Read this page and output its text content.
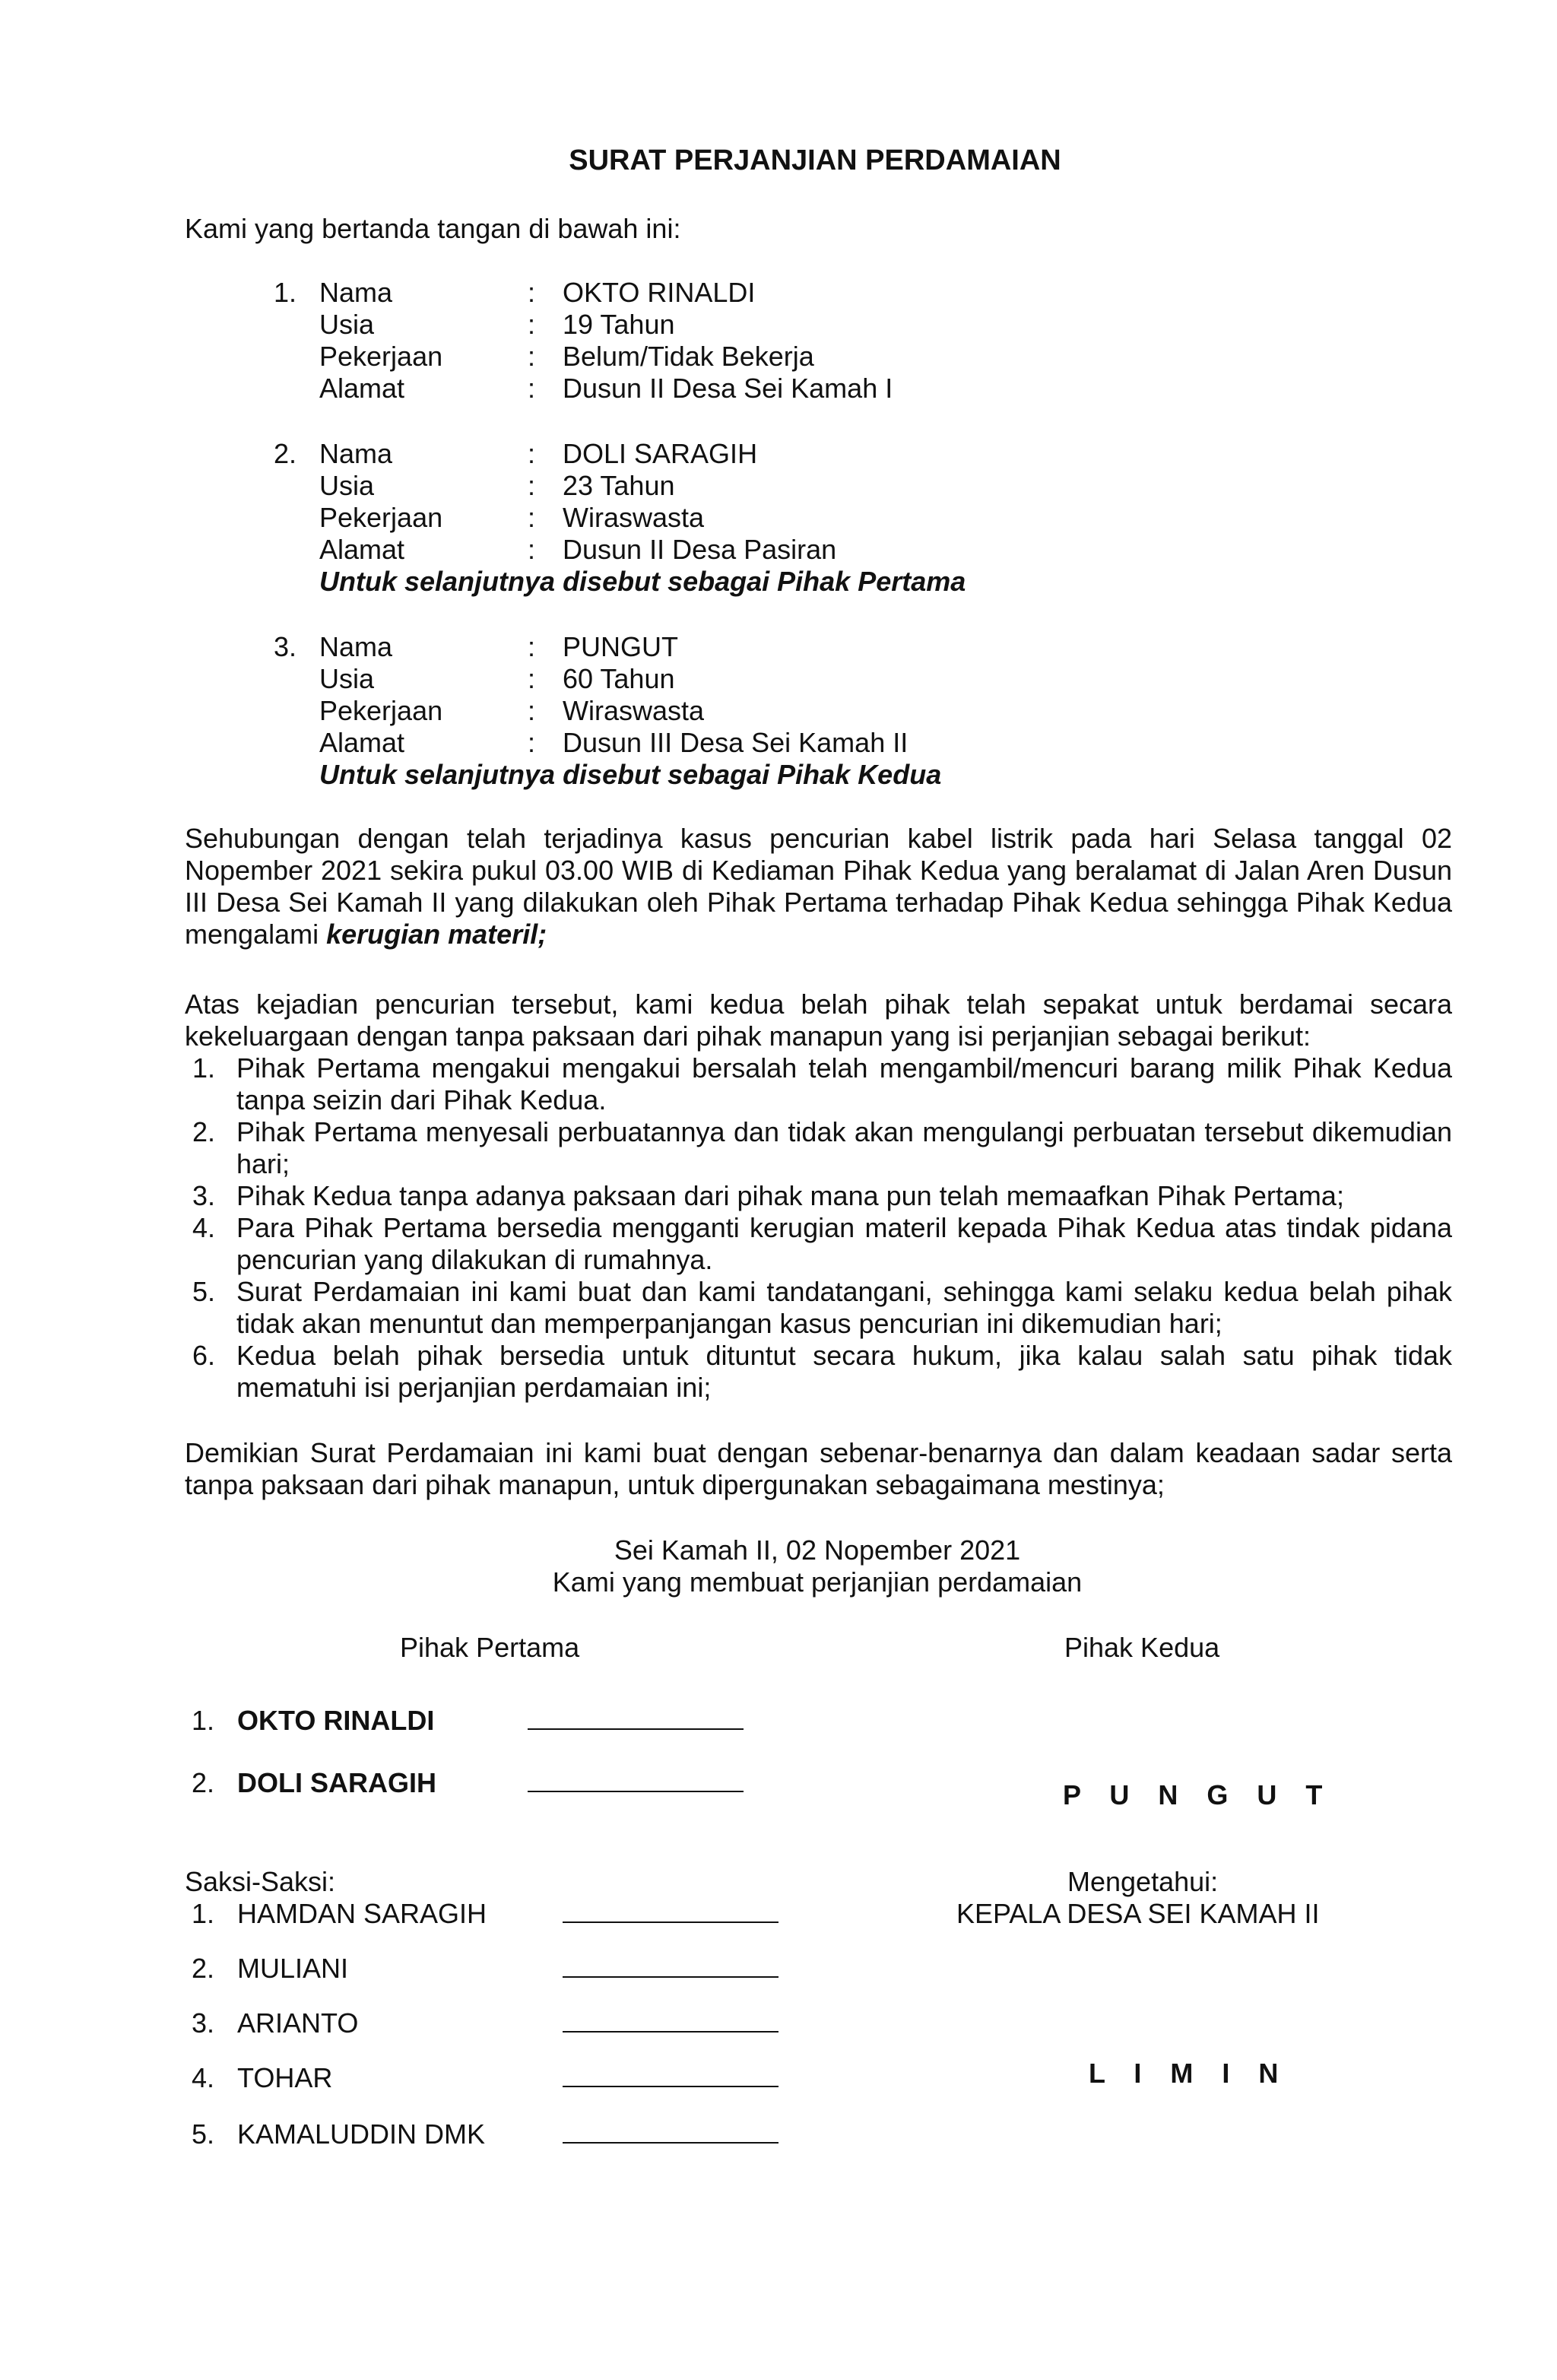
SURAT PERJANJIAN PERDAMAIAN
Kami yang bertanda tangan di bawah ini:
1. Nama	: OKTO RINALDI
Usia	: 19 Tahun
Pekerjaan	: Belum/Tidak Bekerja
Alamat	: Dusun II Desa Sei Kamah I
2. Nama	: DOLI SARAGIH
Usia	: 23 Tahun
Pekerjaan	: Wiraswasta
Alamat	: Dusun II Desa Pasiran
Untuk selanjutnya disebut sebagai Pihak Pertama
3. Nama	: PUNGUT
Usia	: 60 Tahun
Pekerjaan	: Wiraswasta
Alamat	: Dusun III Desa Sei Kamah II
Untuk selanjutnya disebut sebagai Pihak Kedua
Sehubungan dengan telah terjadinya kasus pencurian kabel listrik pada hari Selasa tanggal 02 Nopember 2021 sekira pukul 03.00 WIB di Kediaman Pihak Kedua yang beralamat di Jalan Aren Dusun III Desa Sei Kamah II yang dilakukan oleh Pihak Pertama terhadap Pihak Kedua sehingga Pihak Kedua mengalami kerugian materil;
Atas kejadian pencurian tersebut, kami kedua belah pihak telah sepakat untuk berdamai secara kekeluargaan dengan tanpa paksaan dari pihak manapun yang isi perjanjian sebagai berikut:
1. Pihak Pertama mengakui mengakui bersalah telah mengambil/mencuri barang milik Pihak Kedua tanpa seizin dari Pihak Kedua.
2. Pihak Pertama menyesali perbuatannya dan tidak akan mengulangi perbuatan tersebut dikemudian hari;
3. Pihak Kedua tanpa adanya paksaan dari pihak mana pun telah memaafkan Pihak Pertama;
4. Para Pihak Pertama bersedia mengganti kerugian materil kepada Pihak Kedua atas tindak pidana pencurian yang dilakukan di rumahnya.
5. Surat Perdamaian ini kami buat dan kami tandatangani, sehingga kami selaku kedua belah pihak tidak akan menuntut dan memperpanjangan kasus pencurian ini dikemudian hari;
6. Kedua belah pihak bersedia untuk dituntut secara hukum, jika kalau salah satu pihak tidak mematuhi isi perjanjian perdamaian ini;
Demikian Surat Perdamaian ini kami buat dengan sebenar-benarnya dan dalam keadaan sadar serta tanpa paksaan dari pihak manapun, untuk dipergunakan sebagaimana mestinya;
Sei Kamah II, 02 Nopember 2021
Kami yang membuat perjanjian perdamaian
Pihak Pertama	Pihak Kedua
1. OKTO RINALDI
2. DOLI SARAGIH	P U N G U T
Saksi-Saksi:	Mengetahui:
KEPALA DESA SEI KAMAH II
1. HAMDAN SARAGIH
2. MULIANI
3. ARIANTO
4. TOHAR
5. KAMALUDDIN DMK
L I M I N
